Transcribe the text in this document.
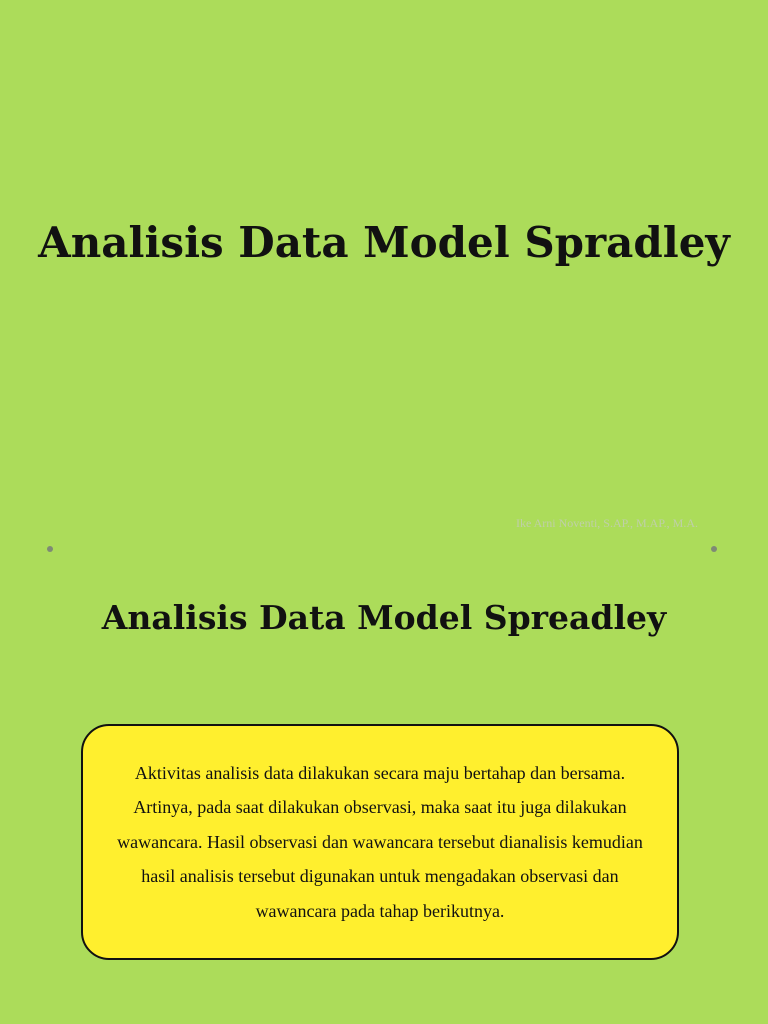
Analisis Data Model Spradley
Ike Arni Noventi, S.AP., M.AP., M.A.
Analisis Data Model Spreadley

Aktivitas analisis data dilakukan secara maju bertahap dan bersama. Artinya, pada saat dilakukan observasi, maka saat itu juga dilakukan wawancara. Hasil observasi dan wawancara tersebut dianalisis kemudian hasil analisis tersebut digunakan untuk mengadakan observasi dan wawancara pada tahap berikutnya.
